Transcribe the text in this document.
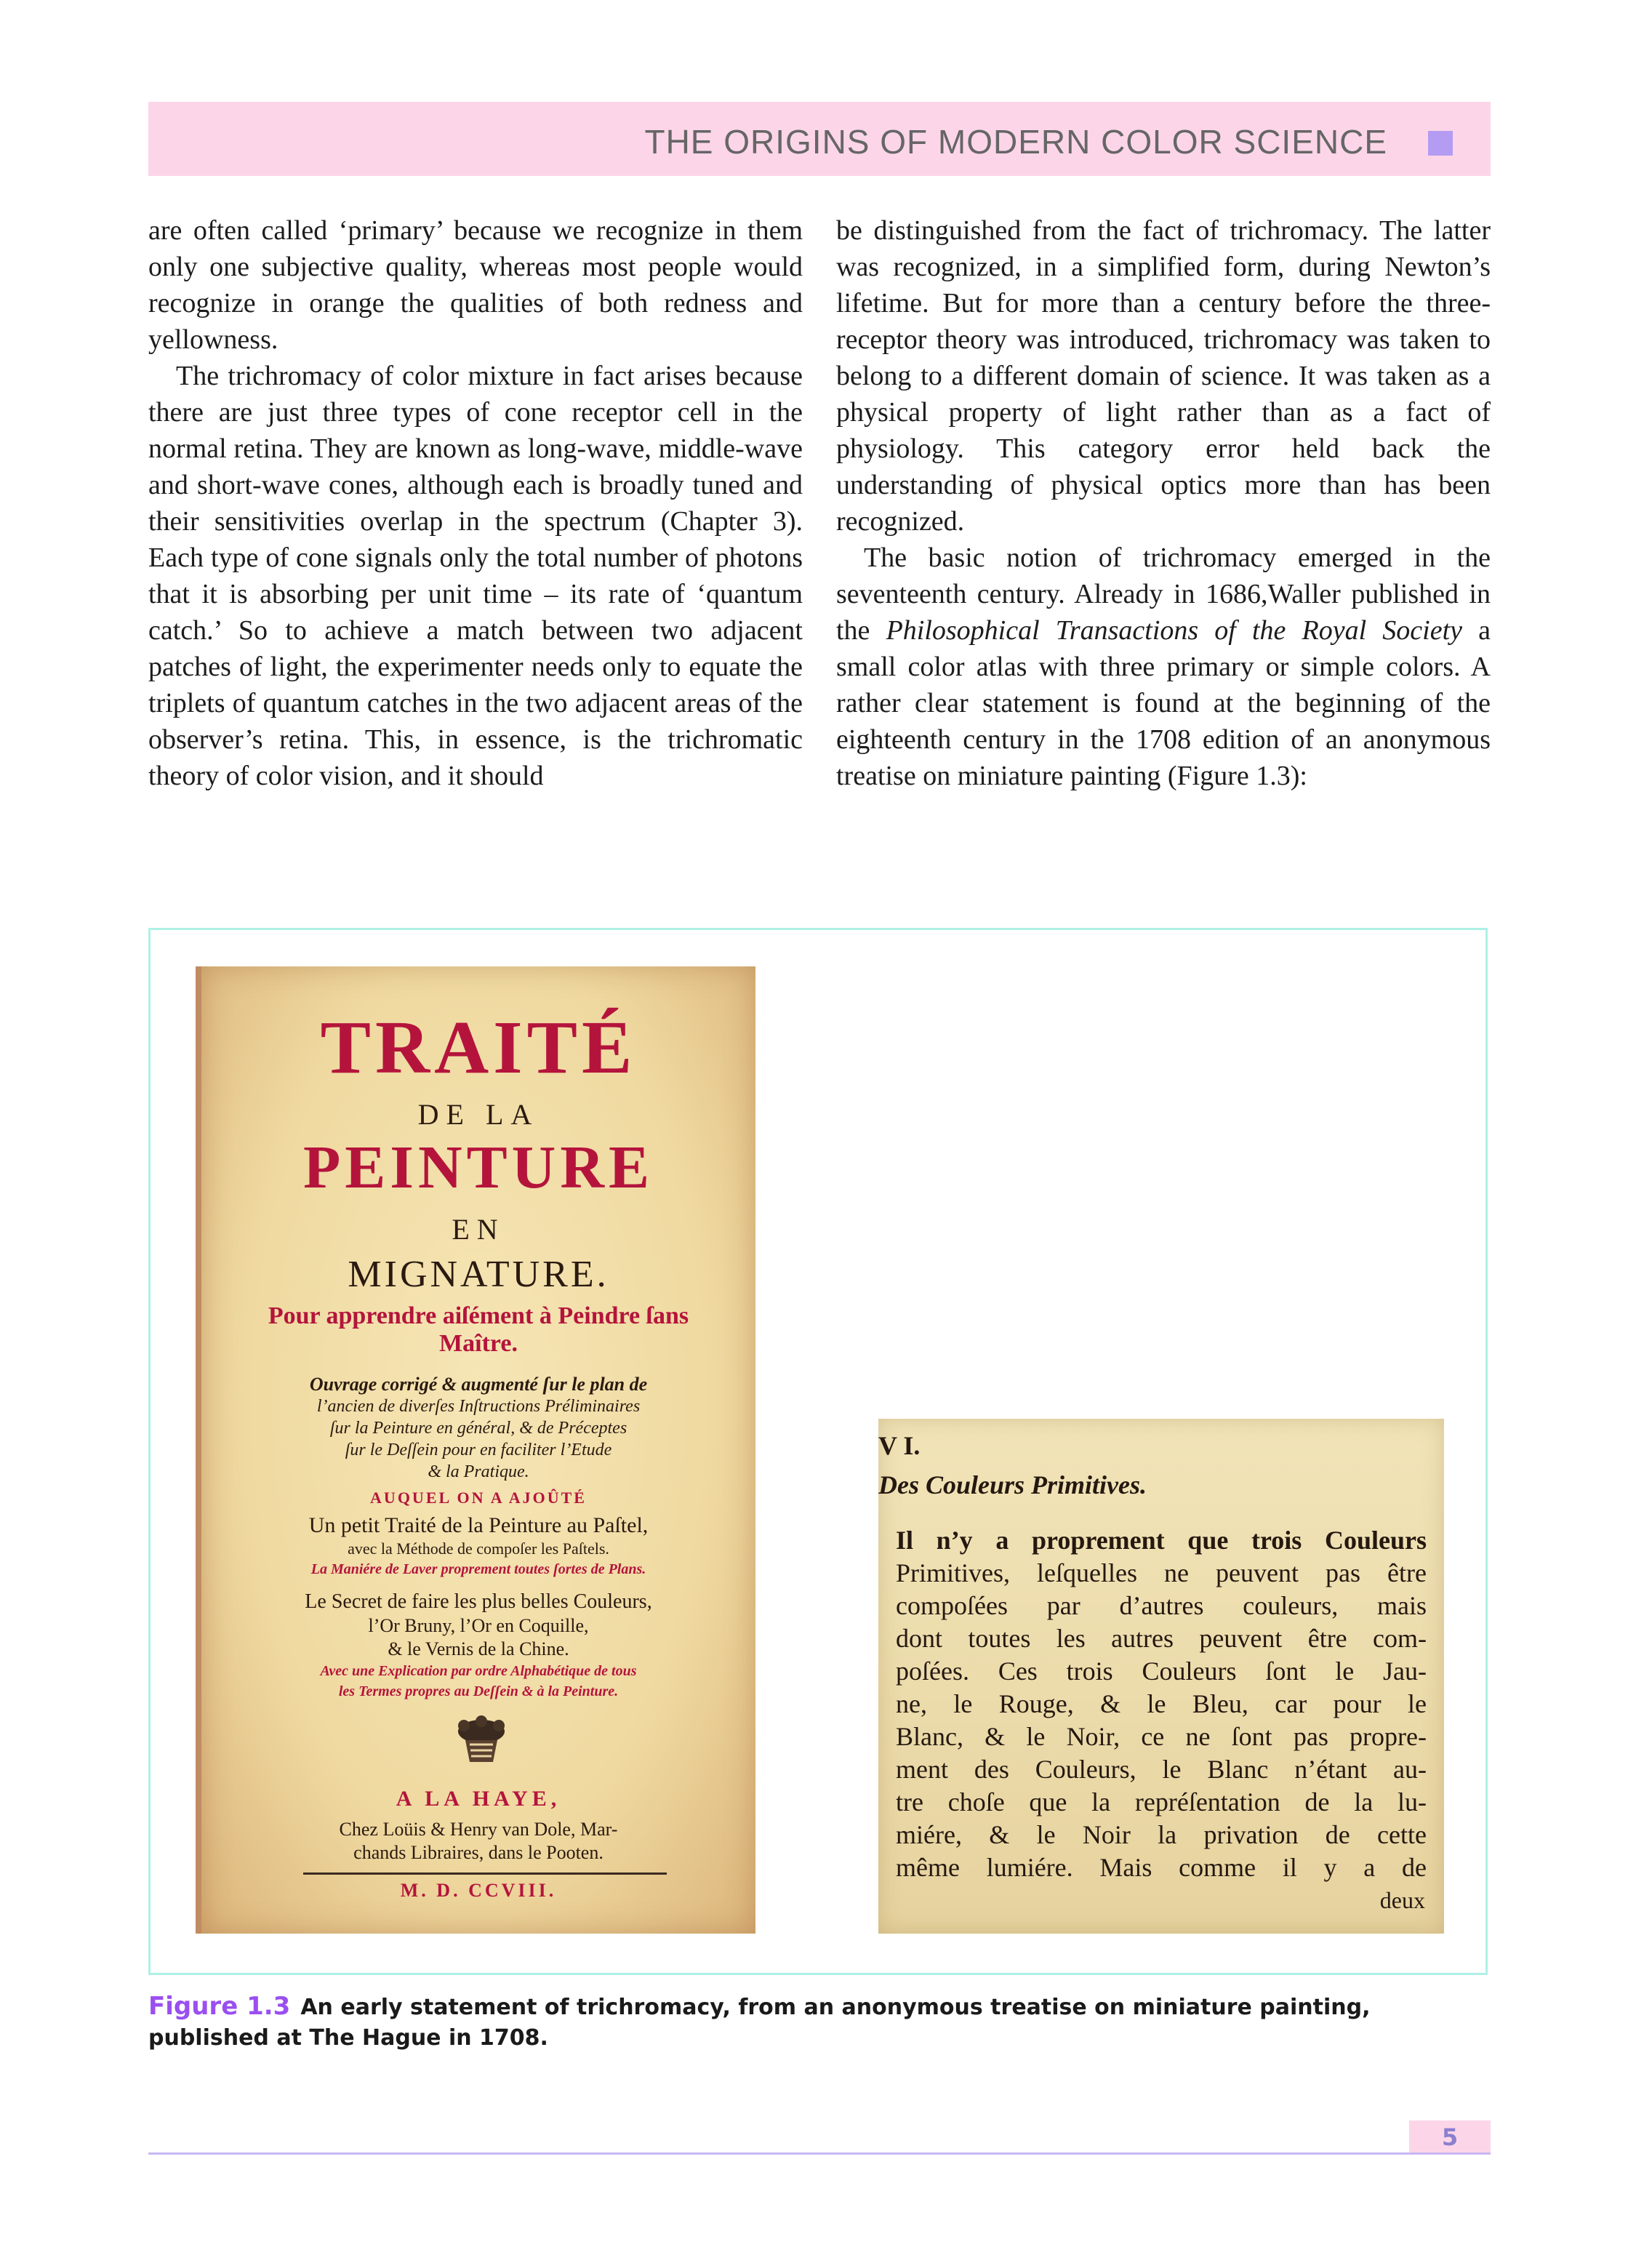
THE ORIGINS OF MODERN COLOR SCIENCE

are often called ‘primary’ because we recognize in them only one subjective quality, whereas most people would recognize in orange the qualities of both redness and yellowness.

The trichromacy of color mixture in fact arises because there are just three types of cone receptor cell in the normal retina. They are known as long-wave, middle-wave and short-wave cones, although each is broadly tuned and their sensitivities overlap in the spectrum (Chapter 3). Each type of cone signals only the total number of photons that it is absorbing per unit time – its rate of ‘quantum catch.’ So to achieve a match between two adjacent patches of light, the experimenter needs only to equate the triplets of quantum catches in the two adjacent areas of the observer’s retina. This, in essence, is the trichromatic theory of color vision, and it should

be distinguished from the fact of trichromacy. The latter was recognized, in a simplified form, during Newton’s lifetime. But for more than a century before the three-receptor theory was introduced, trichromacy was taken to belong to a different domain of science. It was taken as a physical property of light rather than as a fact of physiology. This category error held back the understanding of physical optics more than has been recognized.

The basic notion of trichromacy emerged in the seventeenth century. Already in 1686,Waller published in the Philosophical Transactions of the Royal Society a small color atlas with three primary or simple colors. A rather clear statement is found at the beginning of the eighteenth century in the 1708 edition of an anonymous treatise on miniature painting (Figure 1.3):

TRAITÉ
DE LA
PEINTURE
EN
MIGNATURE.
Pour apprendre aiſément à Peindre ſans
Maître.
Ouvrage corrigé & augmenté ſur le plan de
l’ancien de diverſes Inſtructions Préliminaires
ſur la Peinture en général, & de Préceptes
ſur le Deſſein pour en faciliter l’Etude
& la Pratique.
AUQUEL ON A AJOÛTÉ
Un petit Traité de la Peinture au Paſtel,
avec la Méthode de compoſer les Paſtels.
La Maniére de Laver proprement toutes ſortes de Plans.
Le Secret de faire les plus belles Couleurs,
l’Or Bruny, l’Or en Coquille,
& le Vernis de la Chine.
Avec une Explication par ordre Alphabétique de tous
les Termes propres au Deſſein & à la Peinture.
A LA HAYE,
Chez Loüis & Henry van Dole, Mar-
chands Libraires, dans le Pooten.
M. D. CCVIII.
V I.
Des Couleurs Primitives.
Il n’y a proprement que trois Couleurs
Primitives, leſquelles ne peuvent pas être
compoſées par d’autres couleurs, mais
dont toutes les autres peuvent être com-
poſées. Ces trois Couleurs ſont le Jau-
ne, le Rouge, & le Bleu, car pour le
Blanc, & le Noir, ce ne ſont pas propre-
ment des Couleurs, le Blanc n’étant au-
tre choſe que la repréſentation de la lu-
miére, & le Noir la privation de cette
même lumiére. Mais comme il y a de
deux
Figure 1.3 An early statement of trichromacy, from an anonymous treatise on miniature painting, published at The Hague in 1708.
5
